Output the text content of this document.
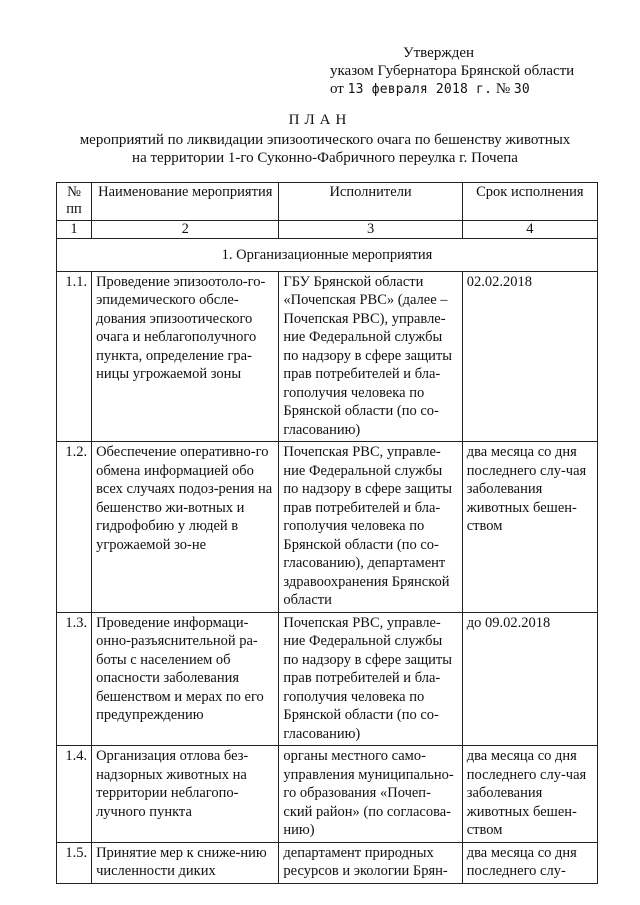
Утвержден
указом Губернатора Брянской области
от 13 февраля 2018 г. № 30
ПЛАН
мероприятий по ликвидации эпизоотического очага по бешенству животных
на территории 1-го Суконно-Фабричного переулка г. Почепа
№ пп	Наименование мероприятия	Исполнители	Срок исполнения
1	2	3	4
1. Организационные мероприятия			
1.1.	Проведение эпизоотоло-го-эпидемического обсле-дования эпизоотического очага и неблагополучного пункта, определение гра-ницы угрожаемой зоны	ГБУ Брянской области «Почепская РВС» (далее – Почепская РВС), управле-ние Федеральной службы по надзору в сфере защиты прав потребителей и бла-гополучия человека по Брянской области (по со-гласованию)	02.02.2018
1.2.	Обеспечение оперативно-го обмена информацией обо всех случаях подоз-рения на бешенство жи-вотных и гидрофобию у людей в угрожаемой зо-не	Почепская РВС, управле-ние Федеральной службы по надзору в сфере защиты прав потребителей и бла-гополучия человека по Брянской области (по со-гласованию), департамент здравоохранения Брянской области	два месяца со дня последнего слу-чая заболевания животных бешен-ством
1.3.	Проведение информаци-онно-разъяснительной ра-боты с населением об опасности заболевания бешенством и мерах по его предупреждению	Почепская РВС, управле-ние Федеральной службы по надзору в сфере защиты прав потребителей и бла-гополучия человека по Брянской области (по со-гласованию)	до 09.02.2018
1.4.	Организация отлова без-надзорных животных на территории неблагопо-лучного пункта	органы местного само-управления муниципально-го образования «Почеп-ский район» (по согласова-нию)	два месяца со дня последнего слу-чая заболевания животных бешен-ством
1.5.	Принятие мер к сниже-нию численности диких	департамент природных ресурсов и экологии Брян-	два месяца со дня последнего слу-
